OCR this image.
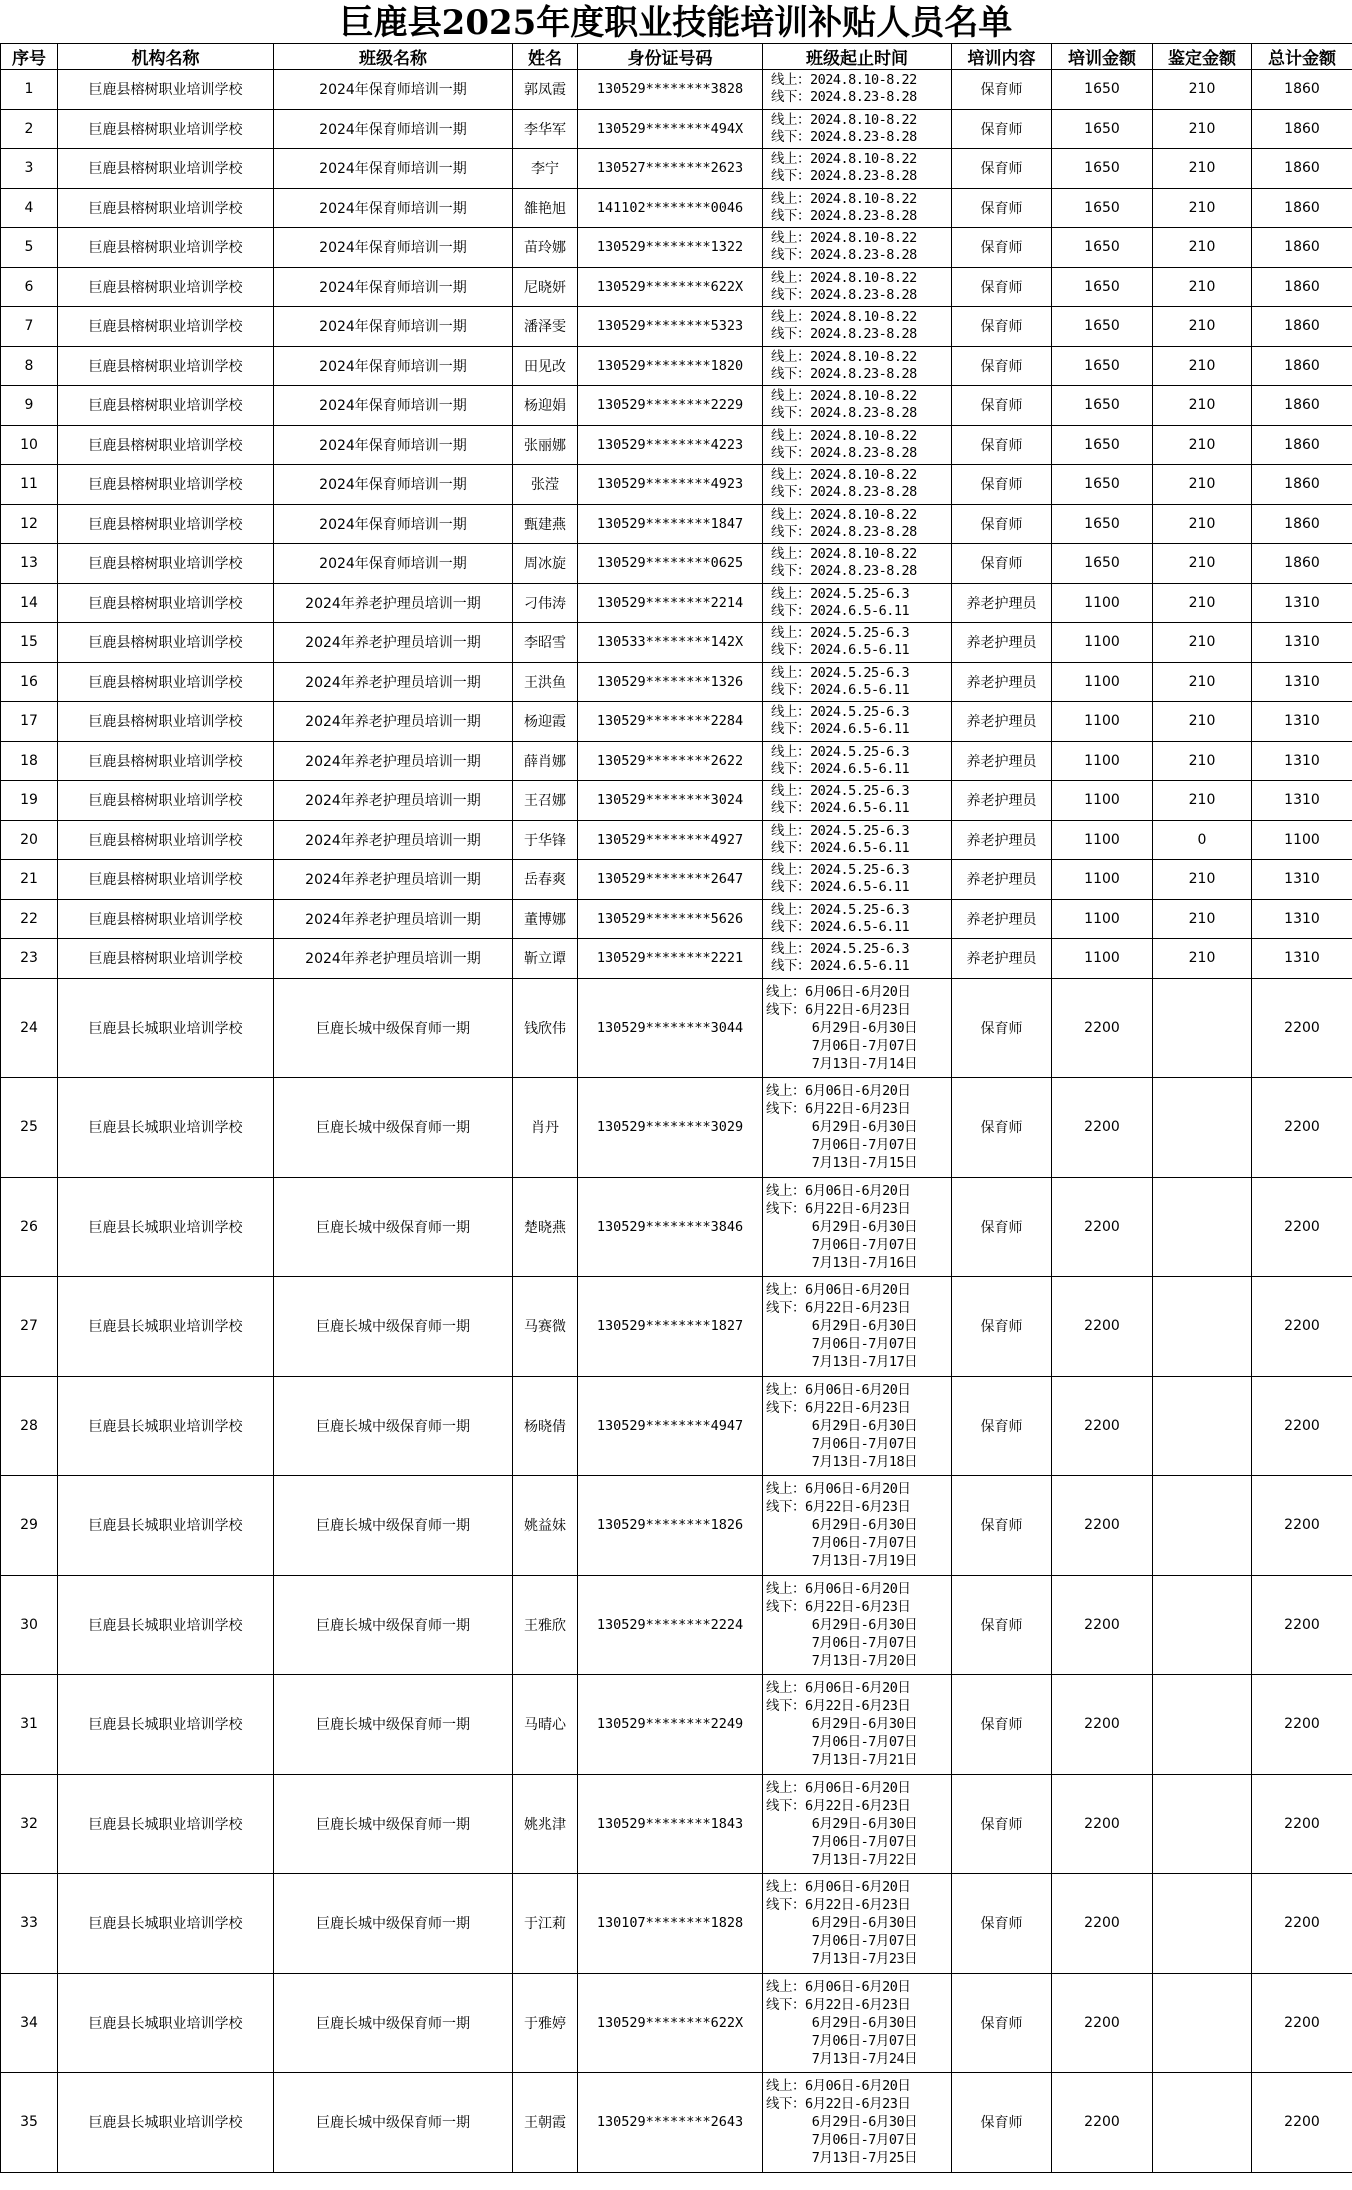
巨鹿县2025年度职业技能培训补贴人员名单
序号	机构名称	班级名称	姓名	身份证号码	班级起止时间	培训内容	培训金额	鉴定金额	总计金额
1	巨鹿县榕树职业培训学校	2024年保育师培训一期	郭凤霞	130529********3828	线上：2024.8.10-8.22
线下：2024.8.23-8.28	保育师	1650	210	1860
2	巨鹿县榕树职业培训学校	2024年保育师培训一期	李华军	130529********494X	线上：2024.8.10-8.22
线下：2024.8.23-8.28	保育师	1650	210	1860
3	巨鹿县榕树职业培训学校	2024年保育师培训一期	李宁	130527********2623	线上：2024.8.10-8.22
线下：2024.8.23-8.28	保育师	1650	210	1860
4	巨鹿县榕树职业培训学校	2024年保育师培训一期	雒艳旭	141102********0046	线上：2024.8.10-8.22
线下：2024.8.23-8.28	保育师	1650	210	1860
5	巨鹿县榕树职业培训学校	2024年保育师培训一期	苗玲娜	130529********1322	线上：2024.8.10-8.22
线下：2024.8.23-8.28	保育师	1650	210	1860
6	巨鹿县榕树职业培训学校	2024年保育师培训一期	尼晓妍	130529********622X	线上：2024.8.10-8.22
线下：2024.8.23-8.28	保育师	1650	210	1860
7	巨鹿县榕树职业培训学校	2024年保育师培训一期	潘泽雯	130529********5323	线上：2024.8.10-8.22
线下：2024.8.23-8.28	保育师	1650	210	1860
8	巨鹿县榕树职业培训学校	2024年保育师培训一期	田见改	130529********1820	线上：2024.8.10-8.22
线下：2024.8.23-8.28	保育师	1650	210	1860
9	巨鹿县榕树职业培训学校	2024年保育师培训一期	杨迎娟	130529********2229	线上：2024.8.10-8.22
线下：2024.8.23-8.28	保育师	1650	210	1860
10	巨鹿县榕树职业培训学校	2024年保育师培训一期	张丽娜	130529********4223	线上：2024.8.10-8.22
线下：2024.8.23-8.28	保育师	1650	210	1860
11	巨鹿县榕树职业培训学校	2024年保育师培训一期	张滢	130529********4923	线上：2024.8.10-8.22
线下：2024.8.23-8.28	保育师	1650	210	1860
12	巨鹿县榕树职业培训学校	2024年保育师培训一期	甄建燕	130529********1847	线上：2024.8.10-8.22
线下：2024.8.23-8.28	保育师	1650	210	1860
13	巨鹿县榕树职业培训学校	2024年保育师培训一期	周冰旋	130529********0625	线上：2024.8.10-8.22
线下：2024.8.23-8.28	保育师	1650	210	1860
14	巨鹿县榕树职业培训学校	2024年养老护理员培训一期	刁伟涛	130529********2214	线上：2024.5.25-6.3
线下：2024.6.5-6.11	养老护理员	1100	210	1310
15	巨鹿县榕树职业培训学校	2024年养老护理员培训一期	李昭雪	130533********142X	线上：2024.5.25-6.3
线下：2024.6.5-6.11	养老护理员	1100	210	1310
16	巨鹿县榕树职业培训学校	2024年养老护理员培训一期	王洪鱼	130529********1326	线上：2024.5.25-6.3
线下：2024.6.5-6.11	养老护理员	1100	210	1310
17	巨鹿县榕树职业培训学校	2024年养老护理员培训一期	杨迎霞	130529********2284	线上：2024.5.25-6.3
线下：2024.6.5-6.11	养老护理员	1100	210	1310
18	巨鹿县榕树职业培训学校	2024年养老护理员培训一期	薛肖娜	130529********2622	线上：2024.5.25-6.3
线下：2024.6.5-6.11	养老护理员	1100	210	1310
19	巨鹿县榕树职业培训学校	2024年养老护理员培训一期	王召娜	130529********3024	线上：2024.5.25-6.3
线下：2024.6.5-6.11	养老护理员	1100	210	1310
20	巨鹿县榕树职业培训学校	2024年养老护理员培训一期	于华锋	130529********4927	线上：2024.5.25-6.3
线下：2024.6.5-6.11	养老护理员	1100	0	1100
21	巨鹿县榕树职业培训学校	2024年养老护理员培训一期	岳春爽	130529********2647	线上：2024.5.25-6.3
线下：2024.6.5-6.11	养老护理员	1100	210	1310
22	巨鹿县榕树职业培训学校	2024年养老护理员培训一期	董博娜	130529********5626	线上：2024.5.25-6.3
线下：2024.6.5-6.11	养老护理员	1100	210	1310
23	巨鹿县榕树职业培训学校	2024年养老护理员培训一期	靳立谭	130529********2221	线上：2024.5.25-6.3
线下：2024.6.5-6.11	养老护理员	1100	210	1310
24	巨鹿县长城职业培训学校	巨鹿长城中级保育师一期	钱欣伟	130529********3044	线上：6月06日-6月20日
线下：6月22日-6月23日
6月29日-6月30日
7月06日-7月07日
7月13日-7月14日	保育师	2200		2200
25	巨鹿县长城职业培训学校	巨鹿长城中级保育师一期	肖丹	130529********3029	线上：6月06日-6月20日
线下：6月22日-6月23日
6月29日-6月30日
7月06日-7月07日
7月13日-7月15日	保育师	2200		2200
26	巨鹿县长城职业培训学校	巨鹿长城中级保育师一期	楚晓燕	130529********3846	线上：6月06日-6月20日
线下：6月22日-6月23日
6月29日-6月30日
7月06日-7月07日
7月13日-7月16日	保育师	2200		2200
27	巨鹿县长城职业培训学校	巨鹿长城中级保育师一期	马赛微	130529********1827	线上：6月06日-6月20日
线下：6月22日-6月23日
6月29日-6月30日
7月06日-7月07日
7月13日-7月17日	保育师	2200		2200
28	巨鹿县长城职业培训学校	巨鹿长城中级保育师一期	杨晓倩	130529********4947	线上：6月06日-6月20日
线下：6月22日-6月23日
6月29日-6月30日
7月06日-7月07日
7月13日-7月18日	保育师	2200		2200
29	巨鹿县长城职业培训学校	巨鹿长城中级保育师一期	姚益妹	130529********1826	线上：6月06日-6月20日
线下：6月22日-6月23日
6月29日-6月30日
7月06日-7月07日
7月13日-7月19日	保育师	2200		2200
30	巨鹿县长城职业培训学校	巨鹿长城中级保育师一期	王雅欣	130529********2224	线上：6月06日-6月20日
线下：6月22日-6月23日
6月29日-6月30日
7月06日-7月07日
7月13日-7月20日	保育师	2200		2200
31	巨鹿县长城职业培训学校	巨鹿长城中级保育师一期	马晴心	130529********2249	线上：6月06日-6月20日
线下：6月22日-6月23日
6月29日-6月30日
7月06日-7月07日
7月13日-7月21日	保育师	2200		2200
32	巨鹿县长城职业培训学校	巨鹿长城中级保育师一期	姚兆津	130529********1843	线上：6月06日-6月20日
线下：6月22日-6月23日
6月29日-6月30日
7月06日-7月07日
7月13日-7月22日	保育师	2200		2200
33	巨鹿县长城职业培训学校	巨鹿长城中级保育师一期	于江莉	130107********1828	线上：6月06日-6月20日
线下：6月22日-6月23日
6月29日-6月30日
7月06日-7月07日
7月13日-7月23日	保育师	2200		2200
34	巨鹿县长城职业培训学校	巨鹿长城中级保育师一期	于雅婷	130529********622X	线上：6月06日-6月20日
线下：6月22日-6月23日
6月29日-6月30日
7月06日-7月07日
7月13日-7月24日	保育师	2200		2200
35	巨鹿县长城职业培训学校	巨鹿长城中级保育师一期	王朝霞	130529********2643	线上：6月06日-6月20日
线下：6月22日-6月23日
6月29日-6月30日
7月06日-7月07日
7月13日-7月25日	保育师	2200		2200
